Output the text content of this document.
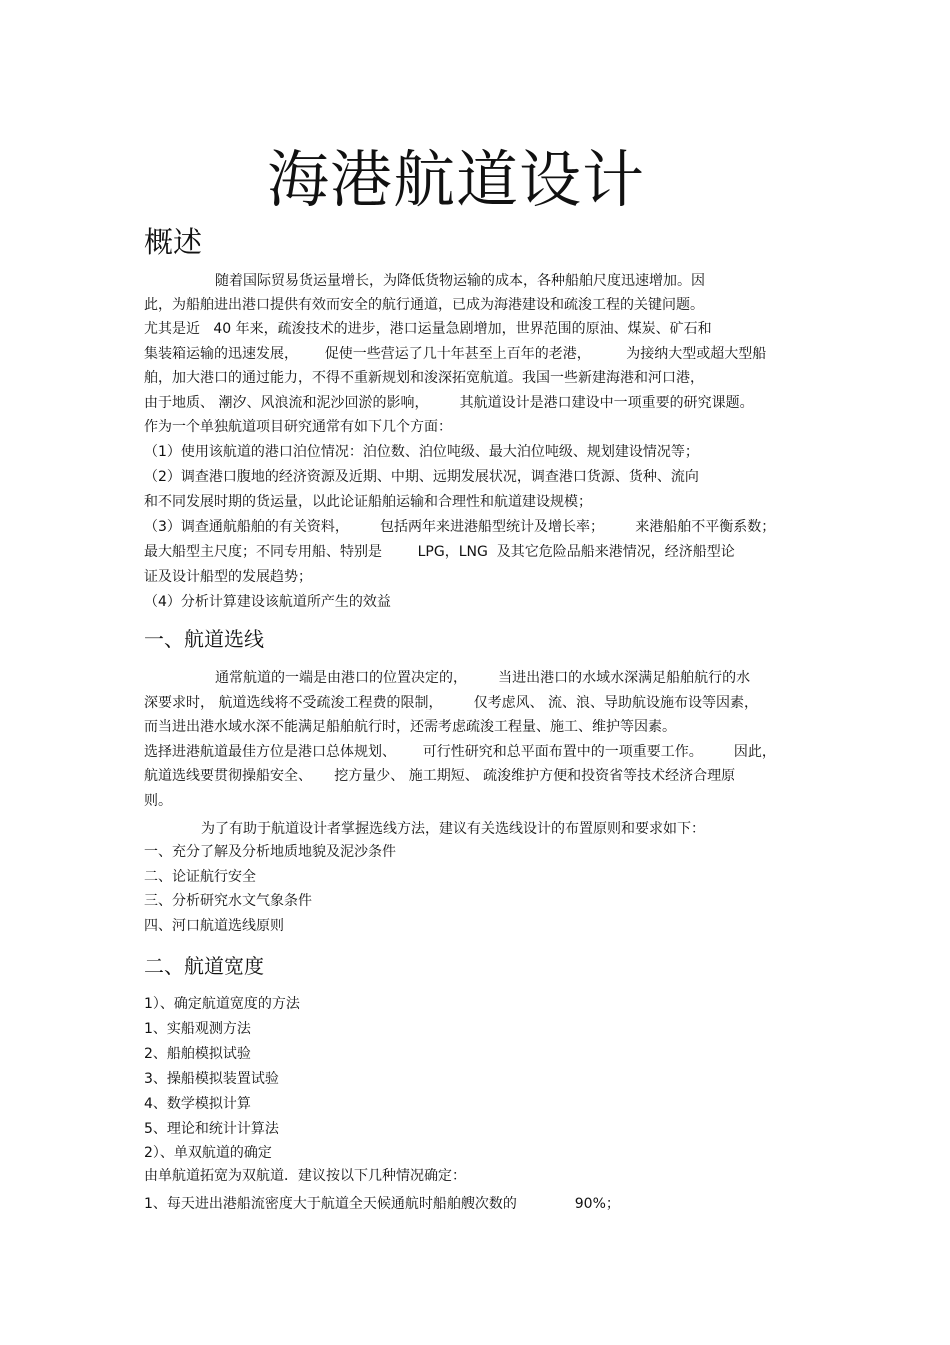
海港航道设计
概述
随着国际贸易货运量增长，为降低货物运输的成本，各种船舶尺度迅速增加。因
此，为船舶进出港口提供有效而安全的航行通道，已成为海港建设和疏浚工程的关键问题。
尤其是近   40 年来，疏浚技术的进步，港口运量急剧增加，世界范围的原油、煤炭、矿石和
集装箱运输的迅速发展，      促使一些营运了几十年甚至上百年的老港，        为接纳大型或超大型船
舶，加大港口的通过能力，不得不重新规划和浚深拓宽航道。我国一些新建海港和河口港，
由于地质、 潮汐、风浪流和泥沙回淤的影响，       其航道设计是港口建设中一项重要的研究课题。
作为一个单独航道项目研究通常有如下几个方面：
（1）使用该航道的港口泊位情况：泊位数、泊位吨级、最大泊位吨级、规划建设情况等；
（2）调查港口腹地的经济资源及近期、中期、远期发展状况，调查港口货源、货种、流向
和不同发展时期的货运量，以此论证船舶运输和合理性和航道建设规模；
（3）调查通航船舶的有关资料，       包括两年来进港船型统计及增长率；       来港船舶不平衡系数；
最大船型主尺度；不同专用船、特别是        LPG，LNG  及其它危险品船来港情况，经济船型论
证及设计船型的发展趋势；
（4）分析计算建设该航道所产生的效益
一、航道选线
通常航道的一端是由港口的位置决定的，       当进出港口的水域水深满足船舶航行的水
深要求时， 航道选线将不受疏浚工程费的限制，       仅考虑风、 流、浪、导助航设施布设等因素，
而当进出港水域水深不能满足船舶航行时，还需考虑疏浚工程量、施工、维护等因素。
选择进港航道最佳方位是港口总体规划、      可行性研究和总平面布置中的一项重要工作。       因此，
航道选线要贯彻操船安全、     挖方量少、 施工期短、 疏浚维护方便和投资省等技术经济合理原
则。
为了有助于航道设计者掌握选线方法，建议有关选线设计的布置原则和要求如下：
一、充分了解及分析地质地貌及泥沙条件
二、论证航行安全
三、分析研究水文气象条件
四、河口航道选线原则
二、航道宽度
1）、确定航道宽度的方法
1、实船观测方法
2、船舶模拟试验
3、操船模拟装置试验
4、数学模拟计算
5、理论和统计计算法
2）、单双航道的确定
由单航道拓宽为双航道．建议按以下几种情况确定：
1、每天进出港船流密度大于航道全天候通航时船舶艘次数的             90%；
